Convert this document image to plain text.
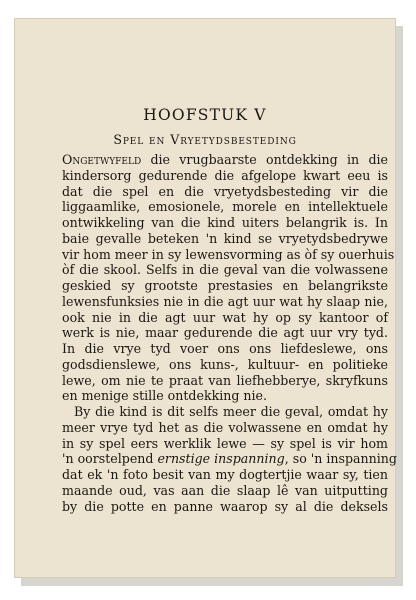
HOOFSTUK V
Spel en Vryetydsbesteding
Ongetwyfeld die vrugbaarste ontdekking in die
kindersorg gedurende die afgelope kwart eeu is
dat die spel en die vryetydsbesteding vir die
liggaamlike, emosionele, morele en intellektuele
ontwikkeling van die kind uiters belangrik is. In
baie gevalle beteken 'n kind se vryetydsbedrywe
vir hom meer in sy lewensvorming as òf sy ouerhuis
òf die skool. Selfs in die geval van die volwassene
geskied sy grootste prestasies en belangrikste
lewensfunksies nie in die agt uur wat hy slaap nie,
ook nie in die agt uur wat hy op sy kantoor of
werk is nie, maar gedurende die agt uur vry tyd.
In die vrye tyd voer ons ons liefdeslewe, ons
godsdienslewe, ons kuns-, kultuur- en politieke
lewe, om nie te praat van liefhebberye, skryfkuns
en menige stille ontdekking nie.
By die kind is dit selfs meer die geval, omdat hy
meer vrye tyd het as die volwassene en omdat hy
in sy spel eers werklik lewe — sy spel is vir hom
'n oorstelpend ernstige inspanning, so 'n inspanning
dat ek 'n foto besit van my dogtertjie waar sy, tien
maande oud, vas aan die slaap lê van uitputting
by die potte en panne waarop sy al die deksels
